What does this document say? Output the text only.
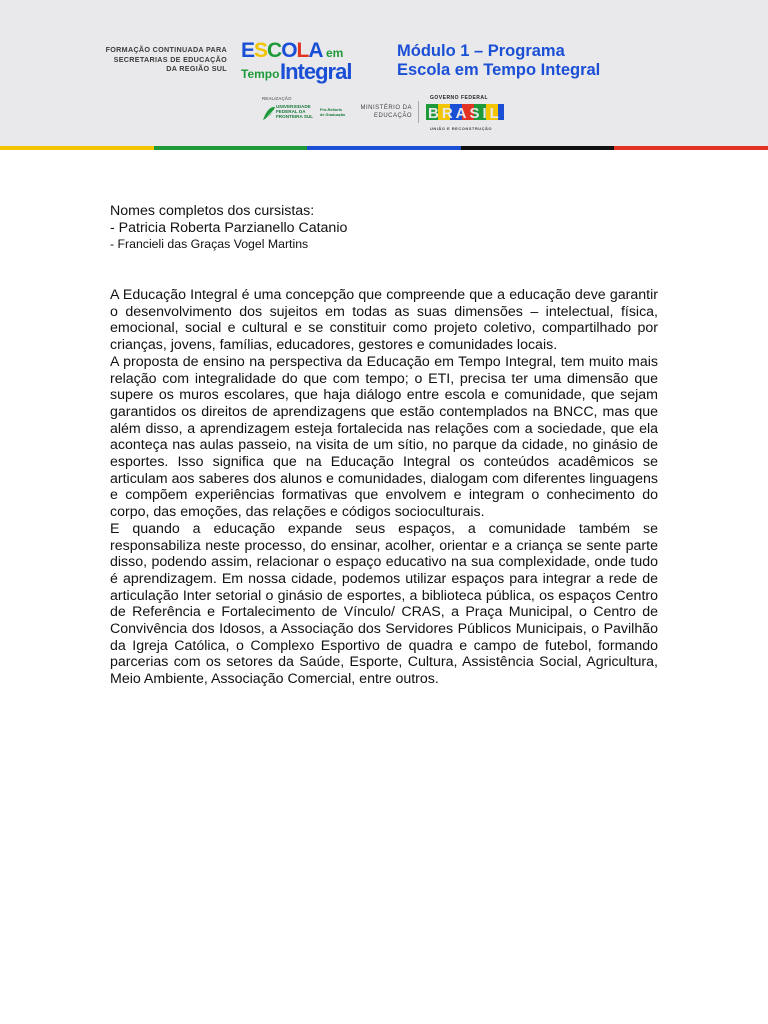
FORMAÇÃO CONTINUADA PARA
SECRETARIAS DE EDUCAÇÃO
DA REGIÃO SUL
ESCOLA em
Tempo Integral
Módulo 1 – Programa
Escola em Tempo Integral
REALIZAÇÃO
UNIVERSIDADE
FEDERAL DA
FRONTEIRA SUL
Pró-Reitoria
de Graduação
MINISTÉRIO DA
EDUCAÇÃO
GOVERNO FEDERAL
BRASIL
UNIÃO E RECONSTRUÇÃO

Nomes completos dos cursistas:

- Patricia Roberta Parzianello Catanio

- Francieli das Graças Vogel Martins

A Educação Integral é uma concepção que compreende que a educação deve garantir o desenvolvimento dos sujeitos em todas as suas dimensões – intelectual, física, emocional, social e cultural e se constituir como projeto coletivo, compartilhado por crianças, jovens, famílias, educadores, gestores e comunidades locais.

A proposta de ensino na perspectiva da Educação em Tempo Integral, tem muito mais relação com integralidade do que com tempo; o ETI, precisa ter uma dimensão que supere os muros escolares, que haja diálogo entre escola e comunidade, que sejam garantidos os direitos de aprendizagens que estão contemplados na BNCC, mas que além disso, a aprendizagem esteja fortalecida nas relações com a sociedade, que ela aconteça nas aulas passeio, na visita de um sítio, no parque da cidade, no ginásio de esportes. Isso significa que na Educação Integral os conteúdos acadêmicos se articulam aos saberes dos alunos e comunidades, dialogam com diferentes linguagens e compõem experiências formativas que envolvem e integram o conhecimento do corpo, das emoções, das relações e códigos socioculturais.

E quando a educação expande seus espaços, a comunidade também se responsabiliza neste processo, do ensinar, acolher, orientar e a criança se sente parte disso, podendo assim, relacionar o espaço educativo na sua complexidade, onde tudo é aprendizagem. Em nossa cidade, podemos utilizar espaços para integrar a rede de articulação Inter setorial o ginásio de esportes, a biblioteca pública, os espaços Centro de Referência e Fortalecimento de Vínculo/ CRAS, a Praça Municipal, o Centro de Convivência dos Idosos, a Associação dos Servidores Públicos Municipais, o Pavilhão da Igreja Católica, o Complexo Esportivo de quadra e campo de futebol, formando parcerias com os setores da Saúde, Esporte, Cultura, Assistência Social, Agricultura, Meio Ambiente, Associação Comercial, entre outros.
